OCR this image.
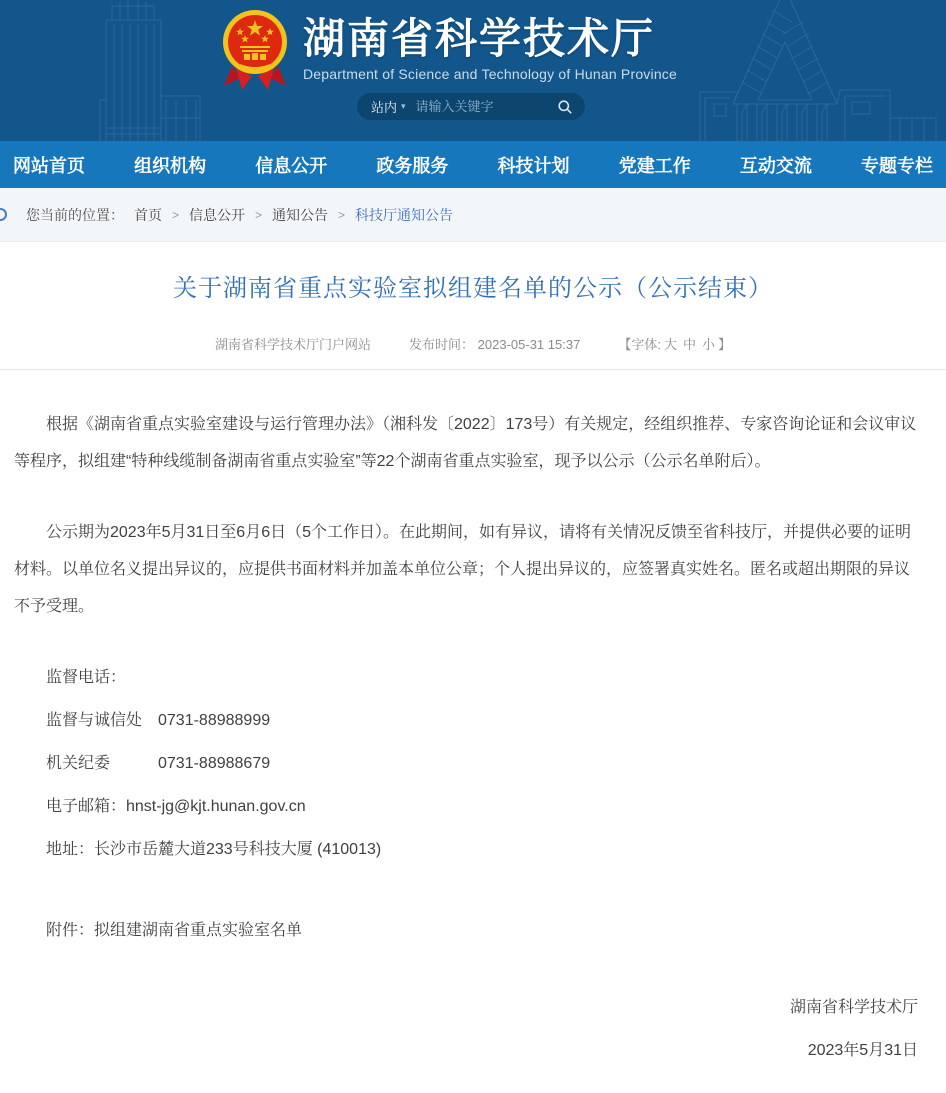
湖南省科学技术厅
Department of Science and Technology of Hunan Province
站内 ▾
请输入关键字
网站首页	组织机构	信息公开	政务服务	科技计划	党建工作	互动交流	专题专栏
您当前的位置： 首页 > 信息公开 > 通知公告 > 科技厅通知公告
关于湖南省重点实验室拟组建名单的公示（公示结束）
湖南省科学技术厅门户网站	发布时间： 2023-05-31 15:37	【字体: 大 中 小 】

根据《湖南省重点实验室建设与运行管理办法》（湘科发〔2022〕173号）有关规定，经组织推荐、专家咨询论证和会议审议等程序，拟组建“特种线缆制备湖南省重点实验室”等22个湖南省重点实验室，现予以公示（公示名单附后）。

公示期为2023年5月31日至6月6日（5个工作日）。在此期间，如有异议，请将有关情况反馈至省科技厅，并提供必要的证明材料。以单位名义提出异议的，应提供书面材料并加盖本单位公章；个人提出异议的，应签署真实姓名。匿名或超出期限的异议不予受理。

监督电话：

监督与诚信处　0731-88988999

机关纪委　　　0731-88988679

电子邮箱：hnst-jg@kjt.hunan.gov.cn

地址：长沙市岳麓大道233号科技大厦 (410013)

附件：拟组建湖南省重点实验室名单

湖南省科学技术厅

2023年5月31日
